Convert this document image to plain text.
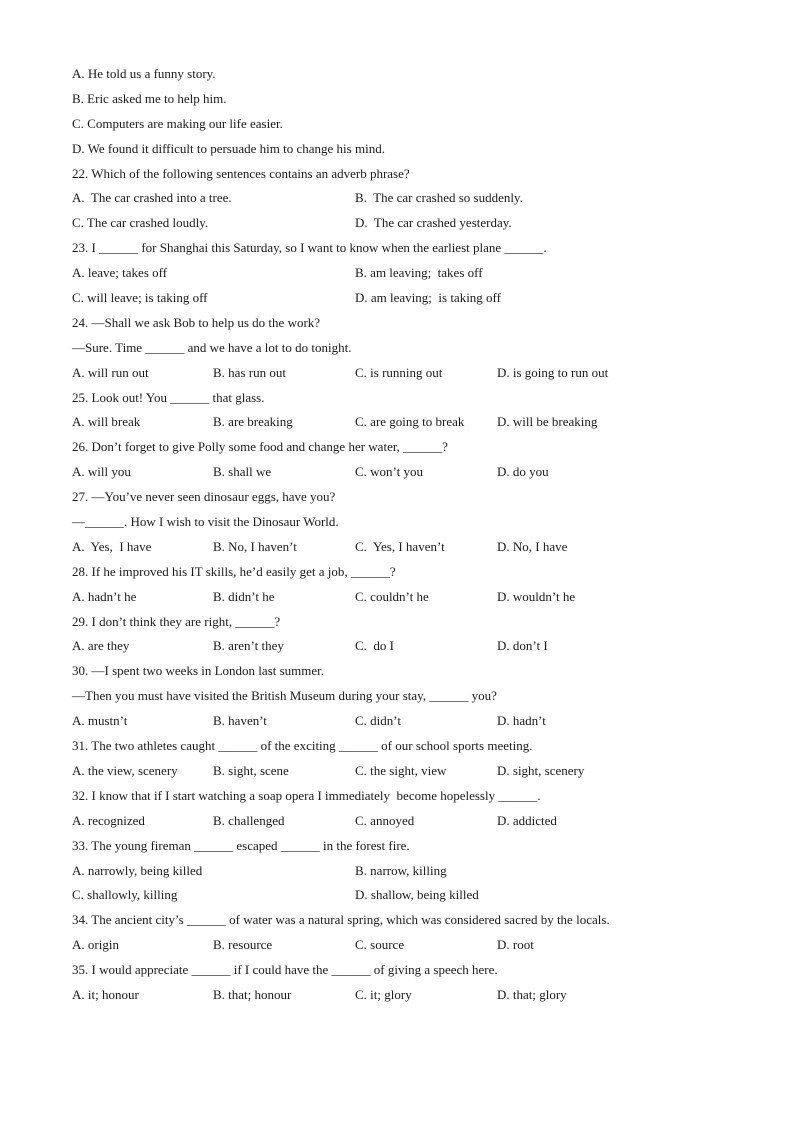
A. He told us a funny story.
B. Eric asked me to help him.
C. Computers are making our life easier.
D. We found it difficult to persuade him to change his mind.
22. Which of the following sentences contains an adverb phrase?
A.  The car crashed into a tree.	B.  The car crashed so suddenly.
C. The car crashed loudly.	D.  The car crashed yesterday.
23. I ______ for Shanghai this Saturday, so I want to know when the earliest plane ______.
A. leave; takes off	B. am leaving;  takes off
C. will leave; is taking off	D. am leaving;  is taking off
24. —Shall we ask Bob to help us do the work?
—Sure. Time ______ and we have a lot to do tonight.
A. will run out	B. has run out	C. is running out	D. is going to run out
25. Look out! You ______ that glass.
A. will break	B. are breaking	C. are going to break	D. will be breaking
26. Don’t forget to give Polly some food and change her water, ______?
A. will you	B. shall we	C. won’t you	D. do you
27. —You’ve never seen dinosaur eggs, have you?
—______. How I wish to visit the Dinosaur World.
A.  Yes,  I have	B. No, I haven’t	C.  Yes, I haven’t	D. No, I have
28. If he improved his IT skills, he’d easily get a job, ______?
A. hadn’t he	B. didn’t he	C. couldn’t he	D. wouldn’t he
29. I don’t think they are right, ______?
A. are they	B. aren’t they	C.  do I	D. don’t I
30. —I spent two weeks in London last summer.
—Then you must have visited the British Museum during your stay, ______ you?
A. mustn’t	B. haven’t	C. didn’t	D. hadn’t
31. The two athletes caught ______ of the exciting ______ of our school sports meeting.
A. the view, scenery	B. sight, scene	C. the sight, view	D. sight, scenery
32. I know that if I start watching a soap opera I immediately  become hopelessly ______.
A. recognized	B. challenged	C. annoyed	D. addicted
33. The young fireman ______ escaped ______ in the forest fire.
A. narrowly, being killed	B. narrow, killing
C. shallowly, killing	D. shallow, being killed
34. The ancient city’s ______ of water was a natural spring, which was considered sacred by the locals.
A. origin	B. resource	C. source	D. root
35. I would appreciate ______ if I could have the ______ of giving a speech here.
A. it; honour	B. that; honour	C. it; glory	D. that; glory
